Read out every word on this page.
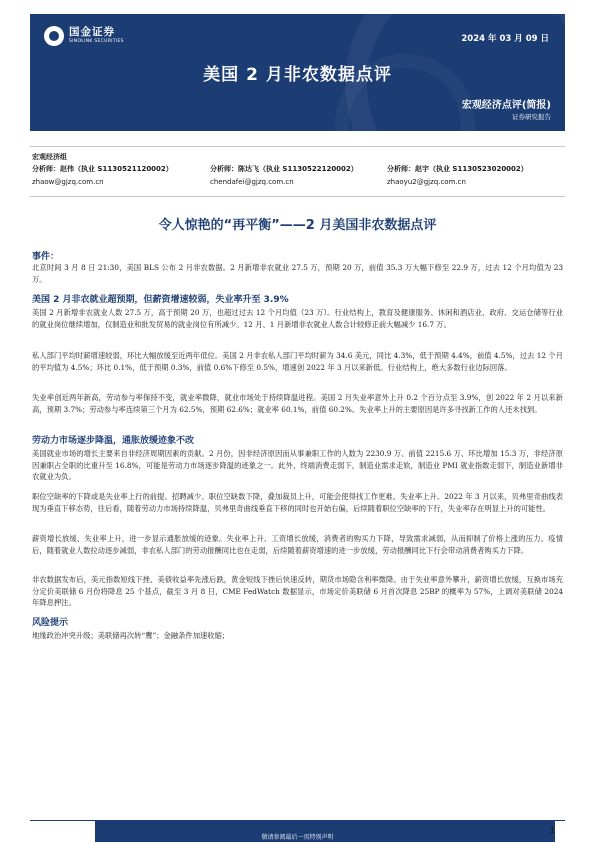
国金证券
SINOLINK SECURITIES	2024 年 03 月 09 日
美国 2 月非农数据点评
宏观经济点评(简报)
证券研究报告
宏观经济组
分析师：赵伟（执业 S1130521120002）
zhaow@gjzq.com.cn
分析师：陈达飞（执业 S1130522120002）
chendafei@gjzq.com.cn
分析师：赵宇（执业 S1130523020002）
zhaoyu2@gjzq.com.cn
令人惊艳的“再平衡”——2 月美国非农数据点评
事件：
北京时间 3 月 8 日 21:30，美国 BLS 公布 2 月非农数据。2 月新增非农就业 27.5 万，预期 20 万，前值 35.3 万大幅下修至 22.9 万，过去 12 个月均值为 23 万。
美国 2 月非农就业超预期，但薪资增速较弱，失业率升至 3.9%
美国 2 月新增非农就业人数 27.5 万，高于预期 20 万，也超过过去 12 个月均值（23 万）。行业结构上，教育及健康服务、休闲和酒店业、政府、交运仓储等行业的就业岗位继续增加，仅制造业和批发贸易的就业岗位有所减少。12 月、1 月新增非农就业人数合计较修正前大幅减少 16.7 万。
私人部门平均时薪增速较弱，环比大幅放缓至近两年低位。美国 2 月非农私人部门平均时薪为 34.6 美元，同比 4.3%，低于预期 4.4%，前值 4.5%，过去 12 个月的平均值为 4.5%；环比 0.1%，低于预期 0.3%，前值 0.6%下修至 0.5%，增速创 2022 年 3 月以来新低。行业结构上，绝大多数行业边际回落。
失业率创近两年新高，劳动参与率保持不变，就业率微降，就业市场处于持续降温进程。美国 2 月失业率意外上升 0.2 个百分点至 3.9%，创 2022 年 2 月以来新高，预期 3.7%；劳动参与率连续第三个月为 62.5%，预期 62.6%；就业率 60.1%，前值 60.2%。失业率上升的主要原因是许多寻找新工作的人还未找到。
劳动力市场逐步降温，通胀放缓迹象不改
美国就业市场的增长主要来自非经济周期因素的贡献。2 月份，因非经济原因而从事兼职工作的人数为 2230.9 万、前值 2215.6 万、环比增加 15.3 万，非经济原因兼职占全职的比重升至 16.8%，可能是劳动力市场逐步降温的迹象之一。此外，终端消费走弱下，制造业需求走软，制造业 PMI 就业指数走弱下，制造业新增非农就业为负。
职位空缺率的下降或是失业率上行的前提。招聘减少、职位空缺数下降，叠加裁员上升，可能会使得找工作更难、失业率上升。2022 年 3 月以来，贝弗里奇曲线表现为垂直下移态势，往后看，随着劳动力市场持续降温，贝弗里奇曲线垂直下移的同时也开始右偏，后续随着职位空缺率的下行，失业率存在明显上升的可能性。
薪资增长放缓、失业率上升，进一步显示通胀放缓的迹象。失业率上升、工资增长放缓，消费者的购买力下降，导致需求减弱，从而抑制了价格上涨的压力。疫情后，随着就业人数拉动逐步减弱，非农私人部门的劳动报酬同比也在走弱，后续随着薪资增速的进一步放缓，劳动报酬同比下行会带动消费者购买力下降。
非农数据发布后，美元指数短线下挫、美债收益率先涨后跌，黄金短线下挫后快速反转，期货市场隐含利率微降。由于失业率意外攀升，薪资增长放缓，互换市场充分定价美联储 6 月份将降息 25 个基点，截至 3 月 8 日，CME FedWatch 数据显示，市场定价美联储 6 月首次降息 25BP 的概率为 57%，上调对美联储 2024 年降息押注。
风险提示
地缘政治冲突升级；美联储再次转“鹰”；金融条件加速收缩；
敬请参阅最后一页特别声明
1
